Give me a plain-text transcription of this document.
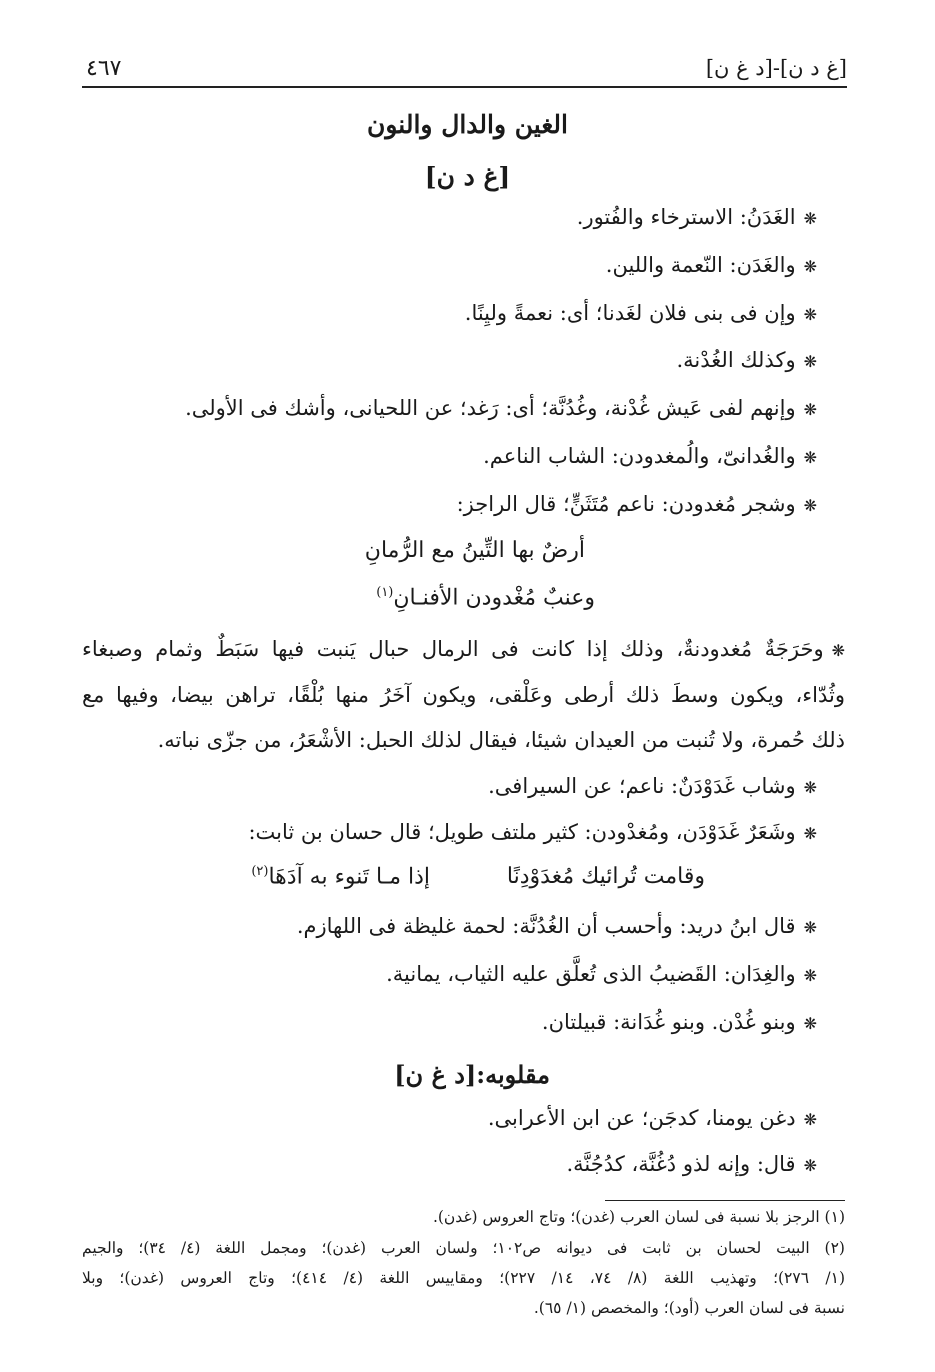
[غ د ن]-[د غ ن]
٤٦٧
الغين والدال والنون
[غ د ن]
❋الغَدَنُ: الاسترخاء والفُتور.
❋والغَدَن: النّعمة واللين.
❋وإن فى بنى فلان لغَدنا؛ أى: نعمةً وليِنًا.
❋وكذلك الغُدْنة.
❋وإنهم لفى عَيش غُدْنة، وغُدُنَّة؛ أى: رَغد؛ عن اللحيانى، وأشك فى الأولى.
❋والغُدانىّ، والُمغدودن: الشاب الناعم.
❋وشجر مُغدودن: ناعم مُتَثَنٍّ؛ قال الراجز:
أرضٌ بها التِّينُ مع الرُّمانِ
وعنبٌ مُغْدودن الأفنـانِ$^{(١)}$
❋وحَرَجَةٌ مُغدودنةٌ، وذلك إذا كانت فى الرمال حبال يَنبت فيها سَبَطٌ وثمام وصبغاء
وثُدّاء، ويكون وسطَ ذلك أرطى وعَلْقى، ويكون آخَرُ منها بُلْقًا، تراهن بيضا، وفيها مع
ذلك حُمرة، ولا تُنبت من العيدان شيئا، فيقال لذلك الحبل: الأشْعَرُ، من جزّى نباته.
❋وشاب غَدَوْدَنٌ: ناعم؛ عن السيرافى.
❋وشَعَرٌ غَدَوْدَن، ومُغدْودن: كثير ملتف طويل؛ قال حسان بن ثابت:
وقامت تُرائيك مُغدَوْدِنًا
إذا مـا تَنوء به آدَهَا$^{(٢)}$
❋قال ابنُ دريد: وأحسب أن الغُدُنَّة: لحمة غليظة فى اللهازم.
❋والغِدَان: القَضيبُ الذى تُعلَّق عليه الثياب، يمانية.
❋وبنو غُدْن. وبنو غُدَانة: قبيلتان.
مقلوبه:[د غ ن]
❋دغن يومنا، كدجَن؛ عن ابن الأعرابى.
❋قال: وإنه لذو دُغُنَّة، كدُجُنَّة.
(١) الرجز بلا نسبة فى لسان العرب (غدن)؛ وتاج العروس (غدن).
(٢) البيت لحسان بن ثابت فى ديوانه ص١٠٢؛ ولسان العرب (غدن)؛ ومجمل اللغة (٤/ ٣٤)؛ والجيم
(١/ ٢٧٦)؛ وتهذيب اللغة (٨/ ٧٤، ١٤/ ٢٢٧)؛ ومقاييس اللغة (٤/ ٤١٤)؛ وتاج العروس (غدن)؛ وبلا
نسبة فى لسان العرب (أود)؛ والمخصص (١/ ٦٥).
